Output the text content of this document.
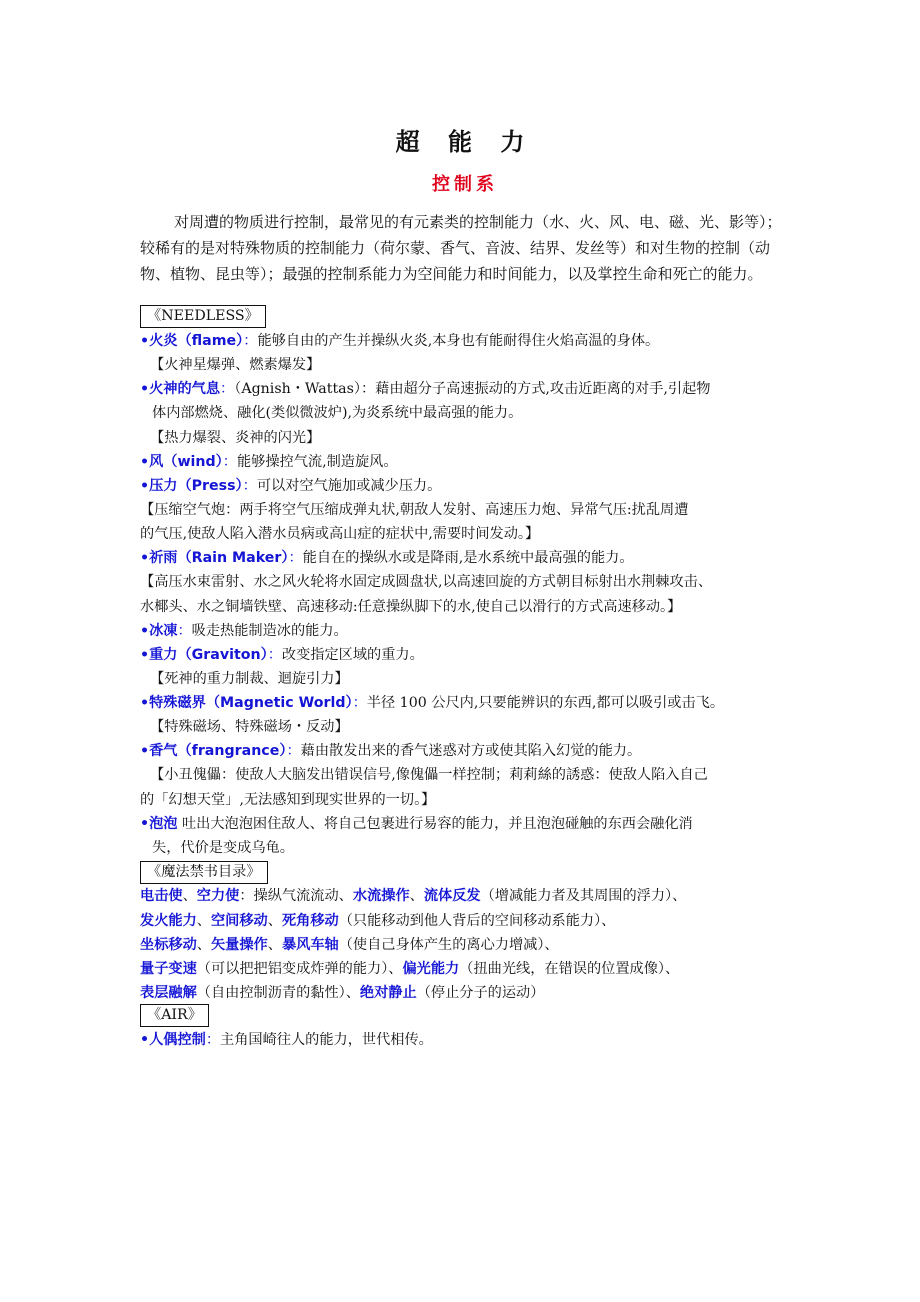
超 能 力
控制系
对周遭的物质进行控制，最常见的有元素类的控制能力（水、火、风、电、磁、光、影等）；较稀有的是对特殊物质的控制能力（荷尔蒙、香气、音波、结界、发丝等）和对生物的控制（动物、植物、昆虫等）；最强的控制系能力为空间能力和时间能力，以及掌控生命和死亡的能力。
《NEEDLESS》
•火炎（flame）：能够自由的产生并操纵火炎,本身也有能耐得住火焰高温的身体。
【火神星爆弹、燃素爆发】
•火神的气息：（Agnish・Wattas）：藉由超分子高速振动的方式,攻击近距离的对手,引起物
体内部燃烧、融化(类似微波炉),为炎系统中最高强的能力。
【热力爆裂、炎神的闪光】
•风（wind）：能够操控气流,制造旋风。
•压力（Press）：可以对空气施加或减少压力。
【压缩空气炮：两手将空气压缩成弹丸状,朝敌人发射、高速压力炮、异常气压:扰乱周遭
的气压,使敌人陷入潜水员病或高山症的症状中,需要时间发动。】
•祈雨（Rain Maker）：能自在的操纵水或是降雨,是水系统中最高强的能力。
【高压水束雷射、水之风火轮将水固定成圆盘状,以高速回旋的方式朝目标射出水荆棘攻击、
水椰头、水之铜墙铁壁、高速移动:任意操纵脚下的水,使自己以滑行的方式高速移动。】
•冰凍：吸走热能制造冰的能力。
•重力（Graviton）：改变指定区域的重力。
【死神的重力制裁、迴旋引力】
•特殊磁界（Magnetic World）：半径 100 公尺内,只要能辨识的东西,都可以吸引或击飞。
【特殊磁场、特殊磁场・反动】
•香气（frangrance）：藉由散发出来的香气迷惑对方或使其陷入幻觉的能力。
【小丑傀儡：使敌人大脑发出错误信号,像傀儡一样控制；莉莉絲的誘惑：使敌人陷入自己
的「幻想天堂」,无法感知到现实世界的一切。】
•泡泡 吐出大泡泡困住敌人、将自己包裹进行易容的能力，并且泡泡碰触的东西会融化消
失，代价是变成乌龟。
《魔法禁书目录》
电击使、空力使：操纵气流流动、水流操作、流体反发（增减能力者及其周围的浮力）、
发火能力、空间移动、死角移动（只能移动到他人背后的空间移动系能力）、
坐标移动、矢量操作、暴风车轴（使自己身体产生的离心力增减）、
量子变速（可以把把铝变成炸弹的能力）、偏光能力（扭曲光线，在错误的位置成像）、
表层融解（自由控制沥青的黏性）、绝对静止（停止分子的运动）
《AIR》
•人偶控制：主角国崎往人的能力，世代相传。
